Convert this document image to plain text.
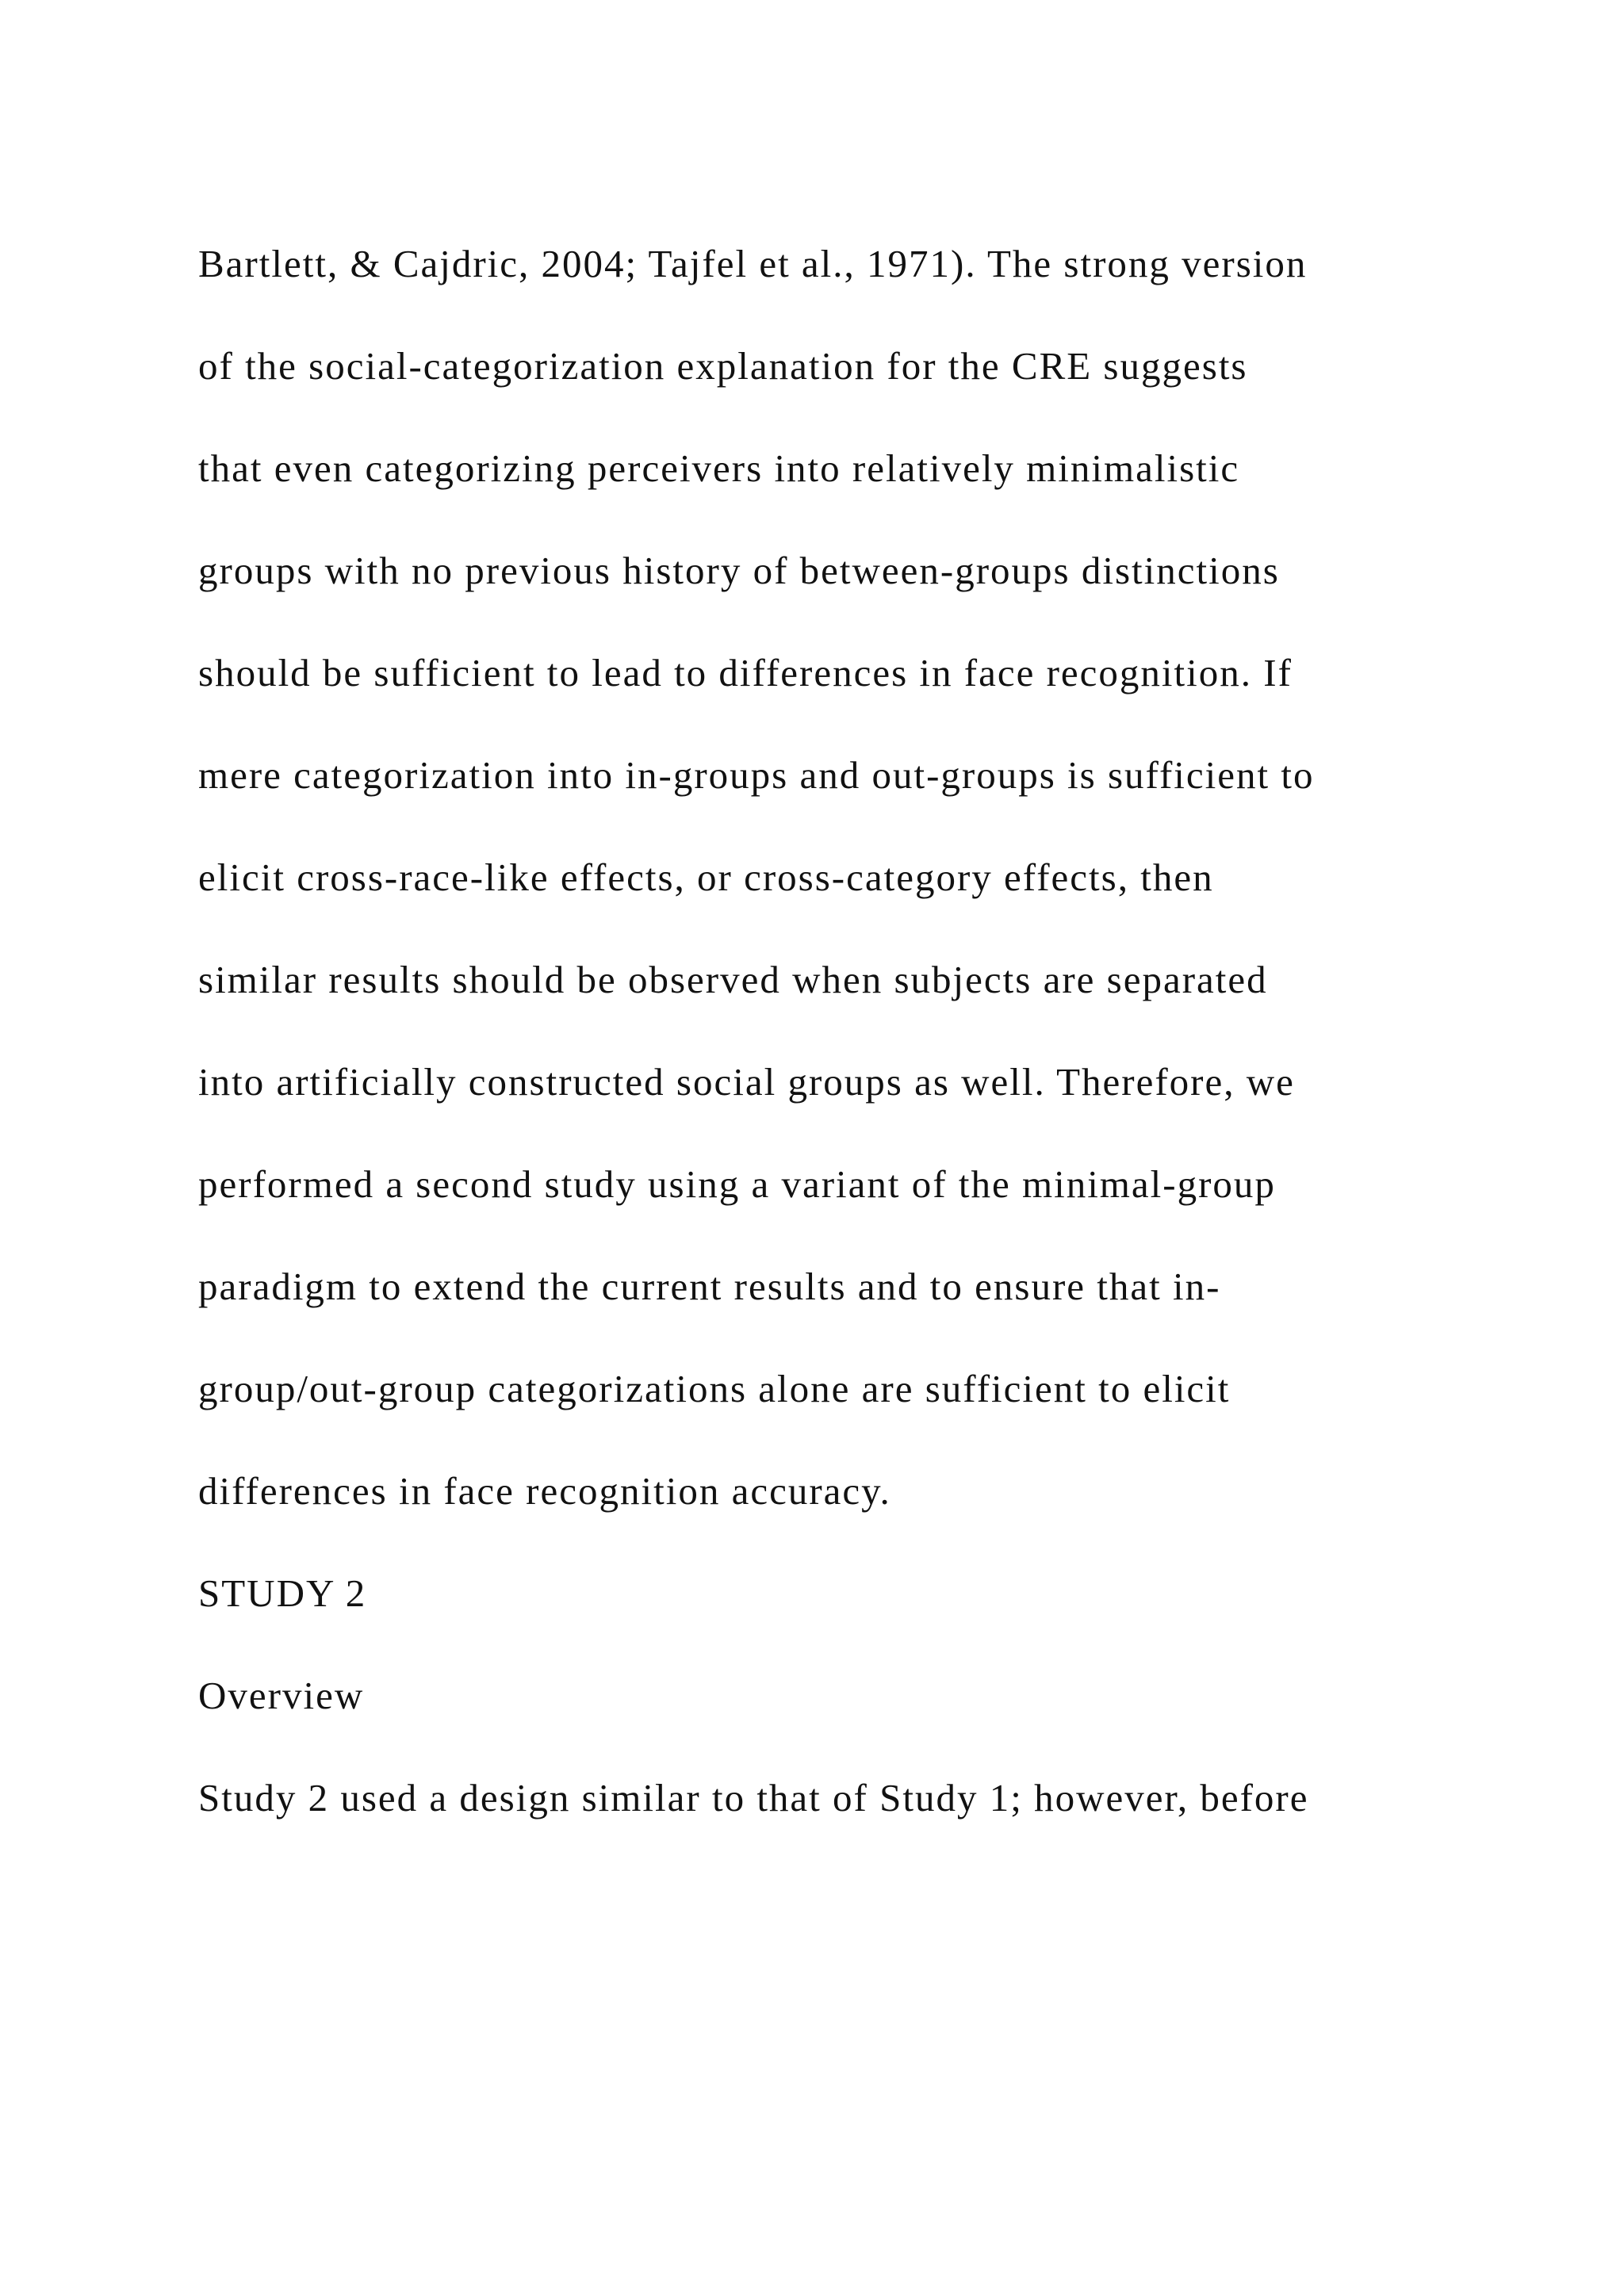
Bartlett, & Cajdric, 2004; Tajfel et al., 1971). The strong version

of the social-categorization explanation for the CRE suggests

that even categorizing perceivers into relatively minimalistic

groups with no previous history of between-groups distinctions

should be sufficient to lead to differences in face recognition. If

mere categorization into in-groups and out-groups is sufficient to

elicit cross-race-like effects, or cross-category effects, then

similar results should be observed when subjects are separated

into artificially constructed social groups as well. Therefore, we

performed a second study using a variant of the minimal-group

paradigm to extend the current results and to ensure that in-

group/out-group categorizations alone are sufficient to elicit

differences in face recognition accuracy.

STUDY 2

Overview

Study 2 used a design similar to that of Study 1; however, before
